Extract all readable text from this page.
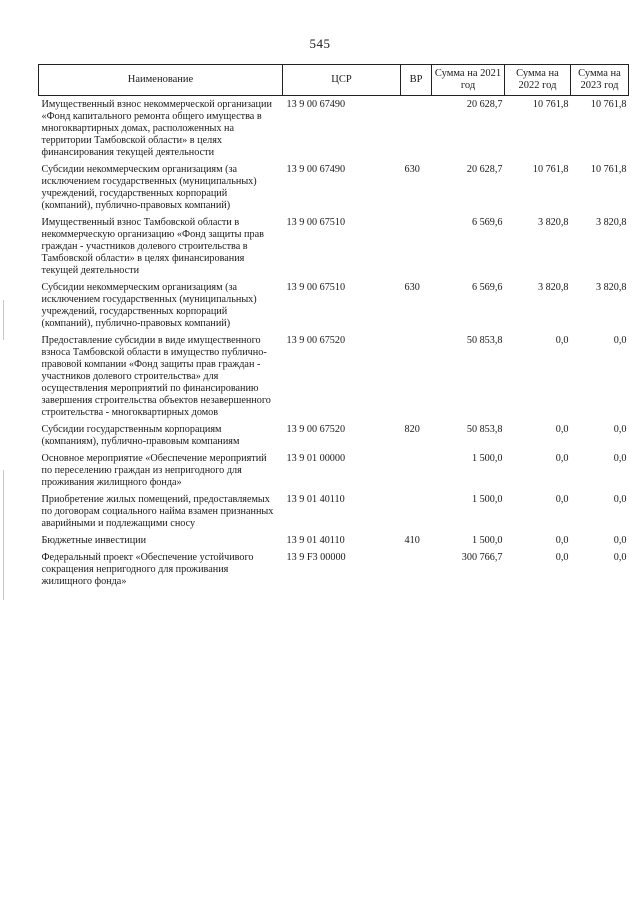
545
Наименование	ЦСР	ВР	Сумма на 2021 год	Сумма на 2022 год	Сумма на 2023 год
Имущественный взнос некоммерческой организации «Фонд капитального ремонта общего имущества в многоквартирных домах, расположенных на территории Тамбовской области» в целях финансирования текущей деятельности	13 9 00 67490		20 628,7	10 761,8	10 761,8
Субсидии некоммерческим организациям (за исключением государственных (муниципальных) учреждений, государственных корпораций (компаний), публично-правовых компаний)	13 9 00 67490	630	20 628,7	10 761,8	10 761,8
Имущественный взнос Тамбовской области в некоммерческую организацию «Фонд защиты прав граждан - участников долевого строительства в Тамбовской области» в целях финансирования текущей деятельности	13 9 00 67510		6 569,6	3 820,8	3 820,8
Субсидии некоммерческим организациям (за исключением государственных (муниципальных) учреждений, государственных корпораций (компаний), публично-правовых компаний)	13 9 00 67510	630	6 569,6	3 820,8	3 820,8
Предоставление субсидии в виде имущественного взноса Тамбовской области в имущество публично-правовой компании «Фонд защиты прав граждан - участников долевого строительства» для осуществления мероприятий по финансированию завершения строительства объектов незавершенного строительства - многоквартирных домов	13 9 00 67520		50 853,8	0,0	0,0
Субсидии государственным корпорациям (компаниям), публично-правовым компаниям	13 9 00 67520	820	50 853,8	0,0	0,0
Основное мероприятие «Обеспечение мероприятий по переселению граждан из непригодного для проживания жилищного фонда»	13 9 01 00000		1 500,0	0,0	0,0
Приобретение жилых помещений, предоставляемых по договорам социального найма взамен признанных аварийными и подлежащими сносу	13 9 01 40110		1 500,0	0,0	0,0
Бюджетные инвестиции	13 9 01 40110	410	1 500,0	0,0	0,0
Федеральный проект «Обеспечение устойчивого сокращения непригодного для проживания жилищного фонда»	13 9 F3 00000		300 766,7	0,0	0,0
